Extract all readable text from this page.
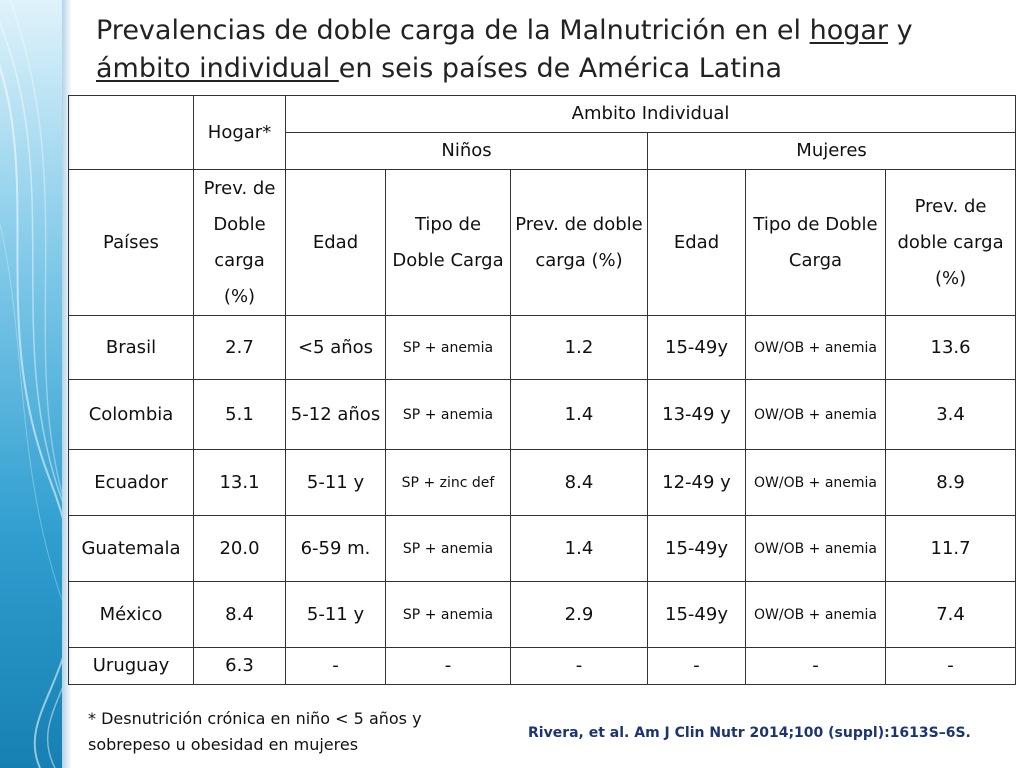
Prevalencias de doble carga de la Malnutrición en el hogar y ámbito individual en seis países de América Latina
	Hogar*	Ambito Individual					
		Niños			Mujeres		
Países	Prev. de Doble carga (%)	Edad	Tipo de Doble Carga	Prev. de doble carga (%)	Edad	Tipo de Doble Carga	Prev. de doble carga (%)
Brasil	2.7	<5 años	SP + anemia	1.2	15-49y	OW/OB + anemia	13.6
Colombia	5.1	5-12 años	SP + anemia	1.4	13-49 y	OW/OB + anemia	3.4
Ecuador	13.1	5-11 y	SP + zinc def	8.4	12-49 y	OW/OB + anemia	8.9
Guatemala	20.0	6-59 m.	SP + anemia	1.4	15-49y	OW/OB + anemia	11.7
México	8.4	5-11 y	SP + anemia	2.9	15-49y	OW/OB + anemia	7.4
Uruguay	6.3	-	-	-	-	-	-
* Desnutrición crónica en niño < 5 años y sobrepeso u obesidad en mujeres
Rivera, et al. Am J Clin Nutr 2014;100 (suppl):1613S–6S.
